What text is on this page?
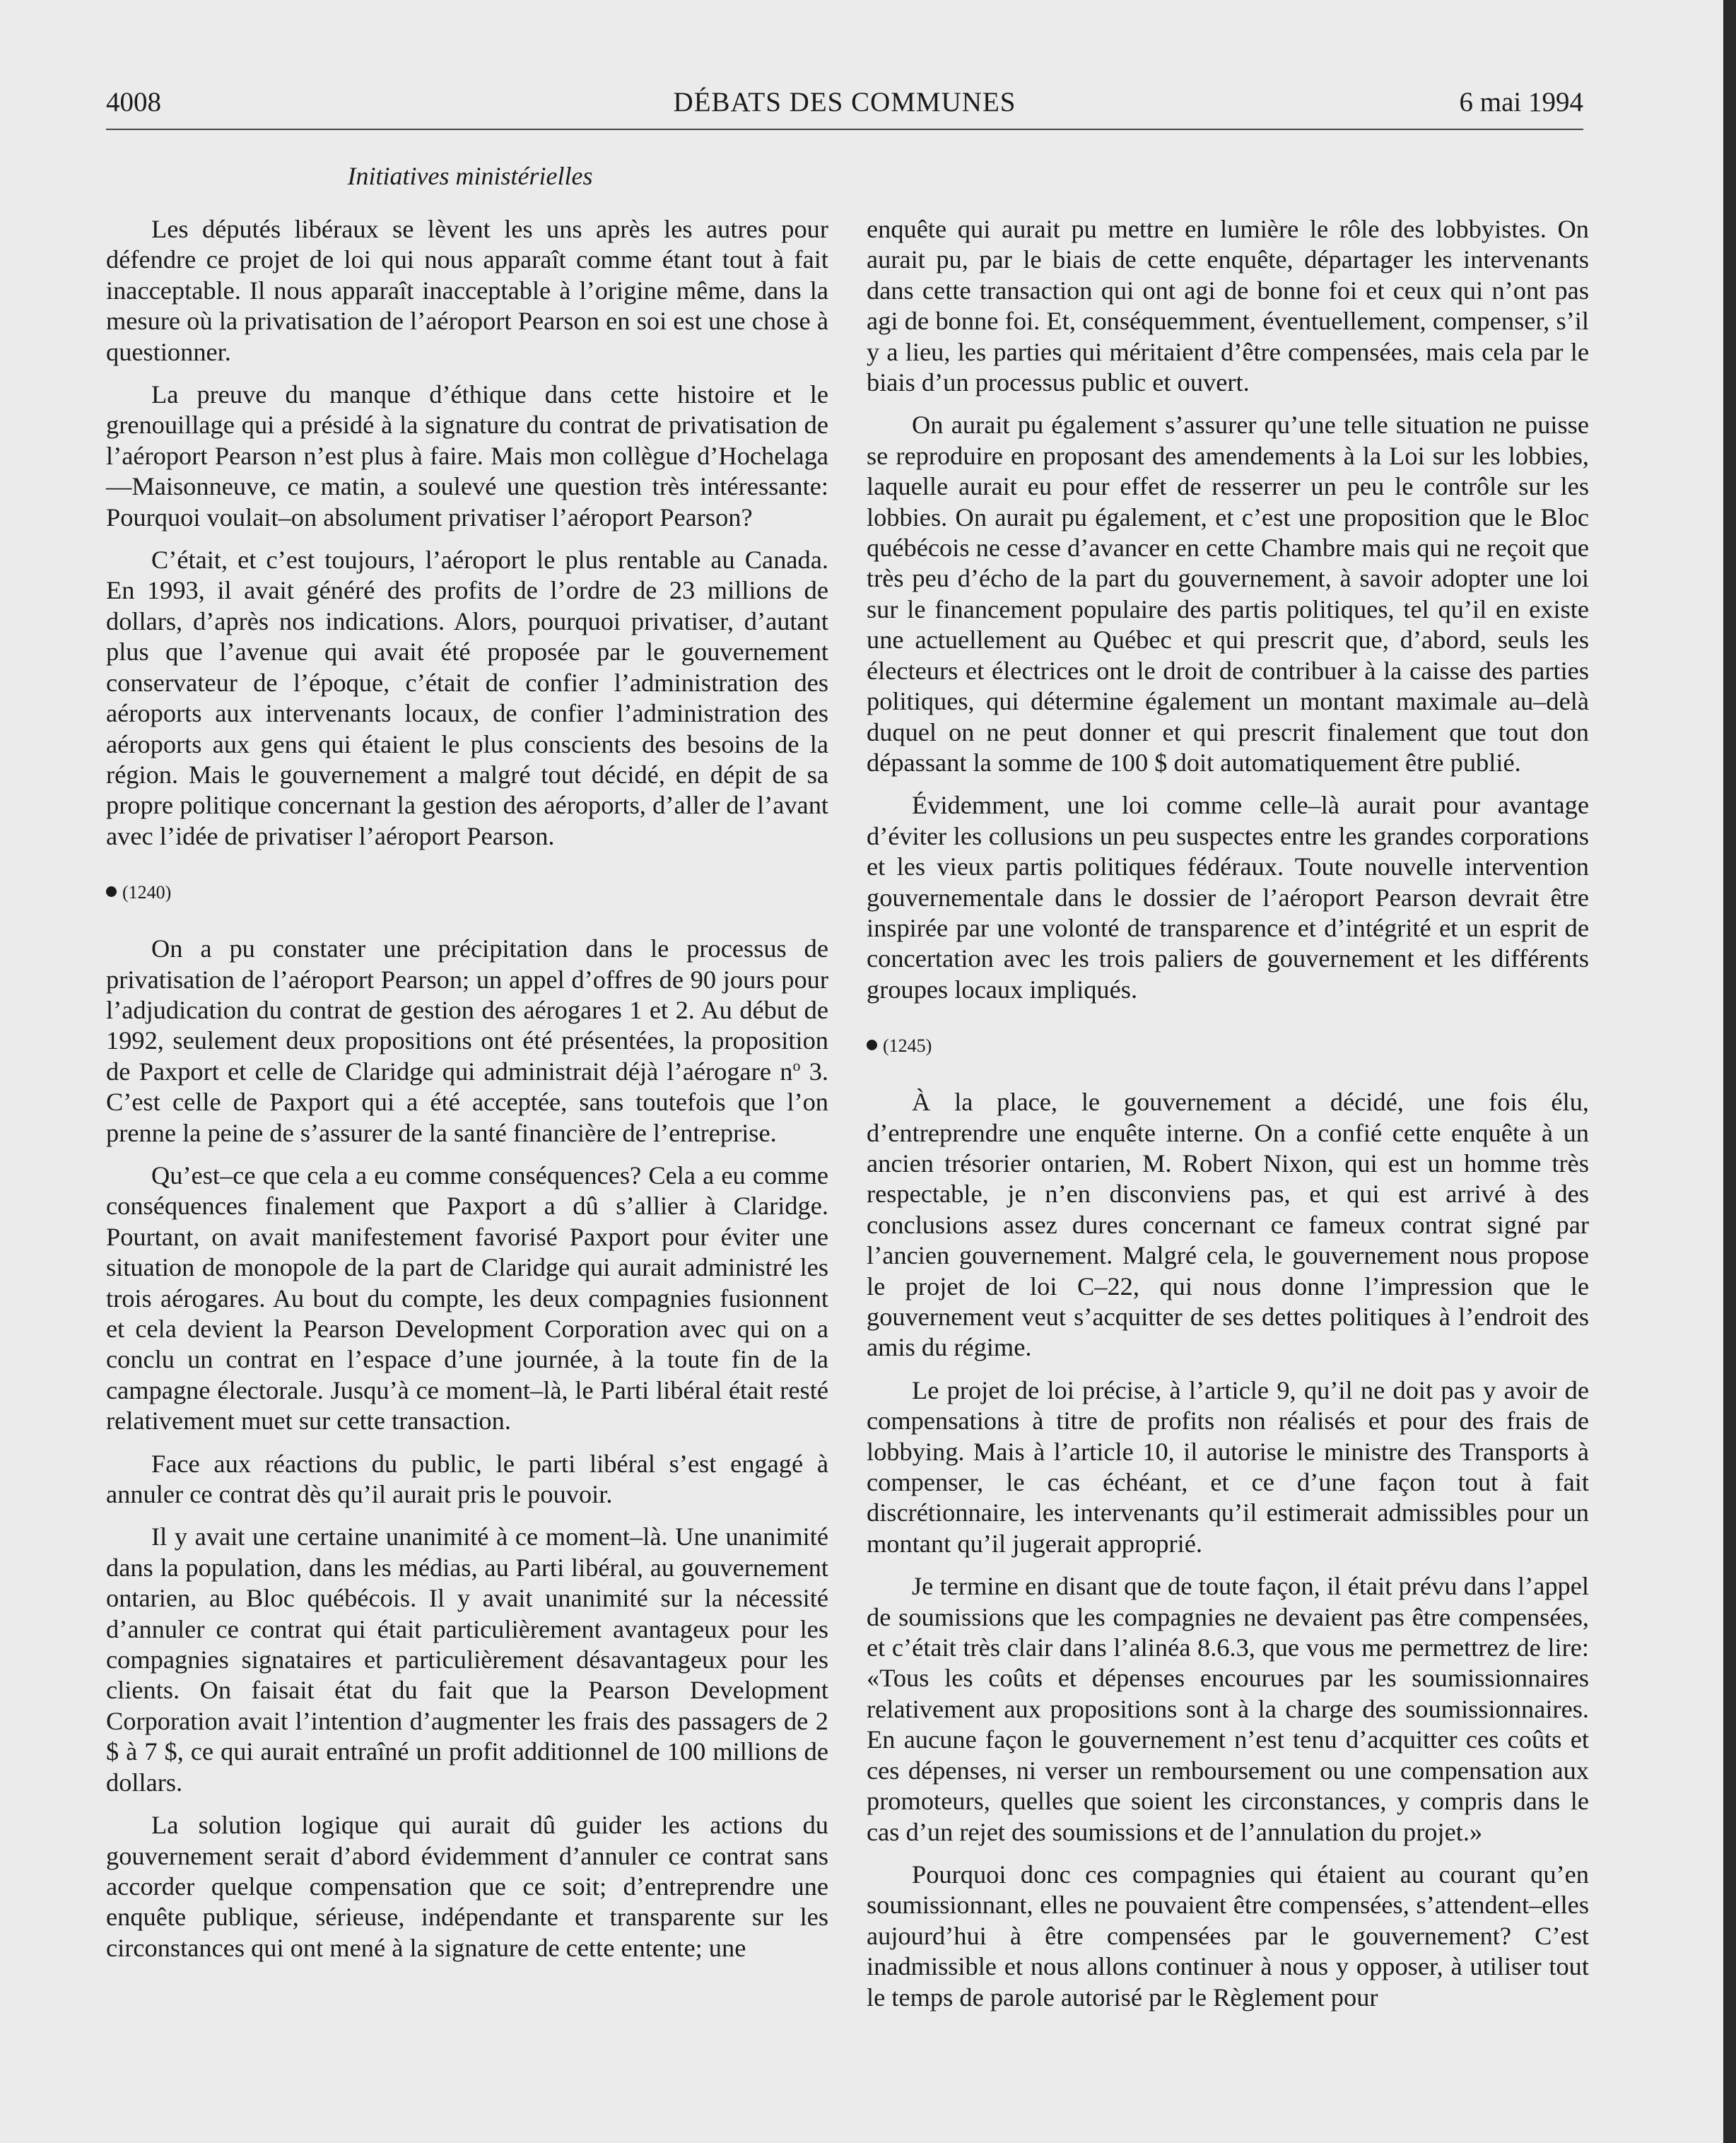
4008	DÉBATS DES COMMUNES	6 mai 1994
Initiatives ministérielles

Les députés libéraux se lèvent les uns après les autres pour défendre ce projet de loi qui nous apparaît comme étant tout à fait inacceptable. Il nous apparaît inacceptable à l’origine même, dans la mesure où la privatisation de l’aéroport Pearson en soi est une chose à questionner.

La preuve du manque d’éthique dans cette histoire et le grenouillage qui a présidé à la signature du contrat de privatisation de l’aéroport Pearson n’est plus à faire. Mais mon collègue d’Hochelaga—Maisonneuve, ce matin, a soulevé une question très intéressante: Pourquoi voulait–on absolument privatiser l’aéroport Pearson?

C’était, et c’est toujours, l’aéroport le plus rentable au Canada. En 1993, il avait généré des profits de l’ordre de 23 millions de dollars, d’après nos indications. Alors, pourquoi privatiser, d’autant plus que l’avenue qui avait été proposée par le gouvernement conservateur de l’époque, c’était de confier l’administration des aéroports aux intervenants locaux, de confier l’administration des aéroports aux gens qui étaient le plus conscients des besoins de la région. Mais le gouvernement a malgré tout décidé, en dépit de sa propre politique concernant la gestion des aéroports, d’aller de l’avant avec l’idée de privatiser l’aéroport Pearson.

(1240)

On a pu constater une précipitation dans le processus de privatisation de l’aéroport Pearson; un appel d’offres de 90 jours pour l’adjudication du contrat de gestion des aérogares 1 et 2. Au début de 1992, seulement deux propositions ont été présentées, la proposition de Paxport et celle de Claridge qui administrait déjà l’aérogare $n^o$ 3. C’est celle de Paxport qui a été acceptée, sans toutefois que l’on prenne la peine de s’assurer de la santé financière de l’entreprise.

Qu’est–ce que cela a eu comme conséquences? Cela a eu comme conséquences finalement que Paxport a dû s’allier à Claridge. Pourtant, on avait manifestement favorisé Paxport pour éviter une situation de monopole de la part de Claridge qui aurait administré les trois aérogares. Au bout du compte, les deux compagnies fusionnent et cela devient la Pearson Development Corporation avec qui on a conclu un contrat en l’espace d’une journée, à la toute fin de la campagne électorale. Jusqu’à ce moment–là, le Parti libéral était resté relativement muet sur cette transaction.

Face aux réactions du public, le parti libéral s’est engagé à annuler ce contrat dès qu’il aurait pris le pouvoir.

Il y avait une certaine unanimité à ce moment–là. Une unanimité dans la population, dans les médias, au Parti libéral, au gouvernement ontarien, au Bloc québécois. Il y avait unanimité sur la nécessité d’annuler ce contrat qui était particulièrement avantageux pour les compagnies signataires et particulièrement désavantageux pour les clients. On faisait état du fait que la Pearson Development Corporation avait l’intention d’augmenter les frais des passagers de 2 $ à 7 $, ce qui aurait entraîné un profit additionnel de 100 millions de dollars.

La solution logique qui aurait dû guider les actions du gouvernement serait d’abord évidemment d’annuler ce contrat sans accorder quelque compensation que ce soit; d’entreprendre une enquête publique, sérieuse, indépendante et transparente sur les circonstances qui ont mené à la signature de cette entente; une

enquête qui aurait pu mettre en lumière le rôle des lobbyistes. On aurait pu, par le biais de cette enquête, départager les intervenants dans cette transaction qui ont agi de bonne foi et ceux qui n’ont pas agi de bonne foi. Et, conséquemment, éventuellement, compenser, s’il y a lieu, les parties qui méritaient d’être compensées, mais cela par le biais d’un processus public et ouvert.

On aurait pu également s’assurer qu’une telle situation ne puisse se reproduire en proposant des amendements à la Loi sur les lobbies, laquelle aurait eu pour effet de resserrer un peu le contrôle sur les lobbies. On aurait pu également, et c’est une proposition que le Bloc québécois ne cesse d’avancer en cette Chambre mais qui ne reçoit que très peu d’écho de la part du gouvernement, à savoir adopter une loi sur le financement populaire des partis politiques, tel qu’il en existe une actuellement au Québec et qui prescrit que, d’abord, seuls les électeurs et électrices ont le droit de contribuer à la caisse des parties politiques, qui détermine également un montant maximale au–delà duquel on ne peut donner et qui prescrit finalement que tout don dépassant la somme de 100 $ doit automatiquement être publié.

Évidemment, une loi comme celle–là aurait pour avantage d’éviter les collusions un peu suspectes entre les grandes corporations et les vieux partis politiques fédéraux. Toute nouvelle intervention gouvernementale dans le dossier de l’aéroport Pearson devrait être inspirée par une volonté de transparence et d’intégrité et un esprit de concertation avec les trois paliers de gouvernement et les différents groupes locaux impliqués.

(1245)

À la place, le gouvernement a décidé, une fois élu, d’entreprendre une enquête interne. On a confié cette enquête à un ancien trésorier ontarien, M. Robert Nixon, qui est un homme très respectable, je n’en disconviens pas, et qui est arrivé à des conclusions assez dures concernant ce fameux contrat signé par l’ancien gouvernement. Malgré cela, le gouvernement nous propose le projet de loi C–22, qui nous donne l’impression que le gouvernement veut s’acquitter de ses dettes politiques à l’endroit des amis du régime.

Le projet de loi précise, à l’article 9, qu’il ne doit pas y avoir de compensations à titre de profits non réalisés et pour des frais de lobbying. Mais à l’article 10, il autorise le ministre des Transports à compenser, le cas échéant, et ce d’une façon tout à fait discrétionnaire, les intervenants qu’il estimerait admissibles pour un montant qu’il jugerait approprié.

Je termine en disant que de toute façon, il était prévu dans l’appel de soumissions que les compagnies ne devaient pas être compensées, et c’était très clair dans l’alinéa 8.6.3, que vous me permettrez de lire: «Tous les coûts et dépenses encourues par les soumissionnaires relativement aux propositions sont à la charge des soumissionnaires. En aucune façon le gouvernement n’est tenu d’acquitter ces coûts et ces dépenses, ni verser un remboursement ou une compensation aux promoteurs, quelles que soient les circonstances, y compris dans le cas d’un rejet des soumissions et de l’annulation du projet.»

Pourquoi donc ces compagnies qui étaient au courant qu’en soumissionnant, elles ne pouvaient être compensées, s’attendent–elles aujourd’hui à être compensées par le gouvernement? C’est inadmissible et nous allons continuer à nous y opposer, à utiliser tout le temps de parole autorisé par le Règlement pour
